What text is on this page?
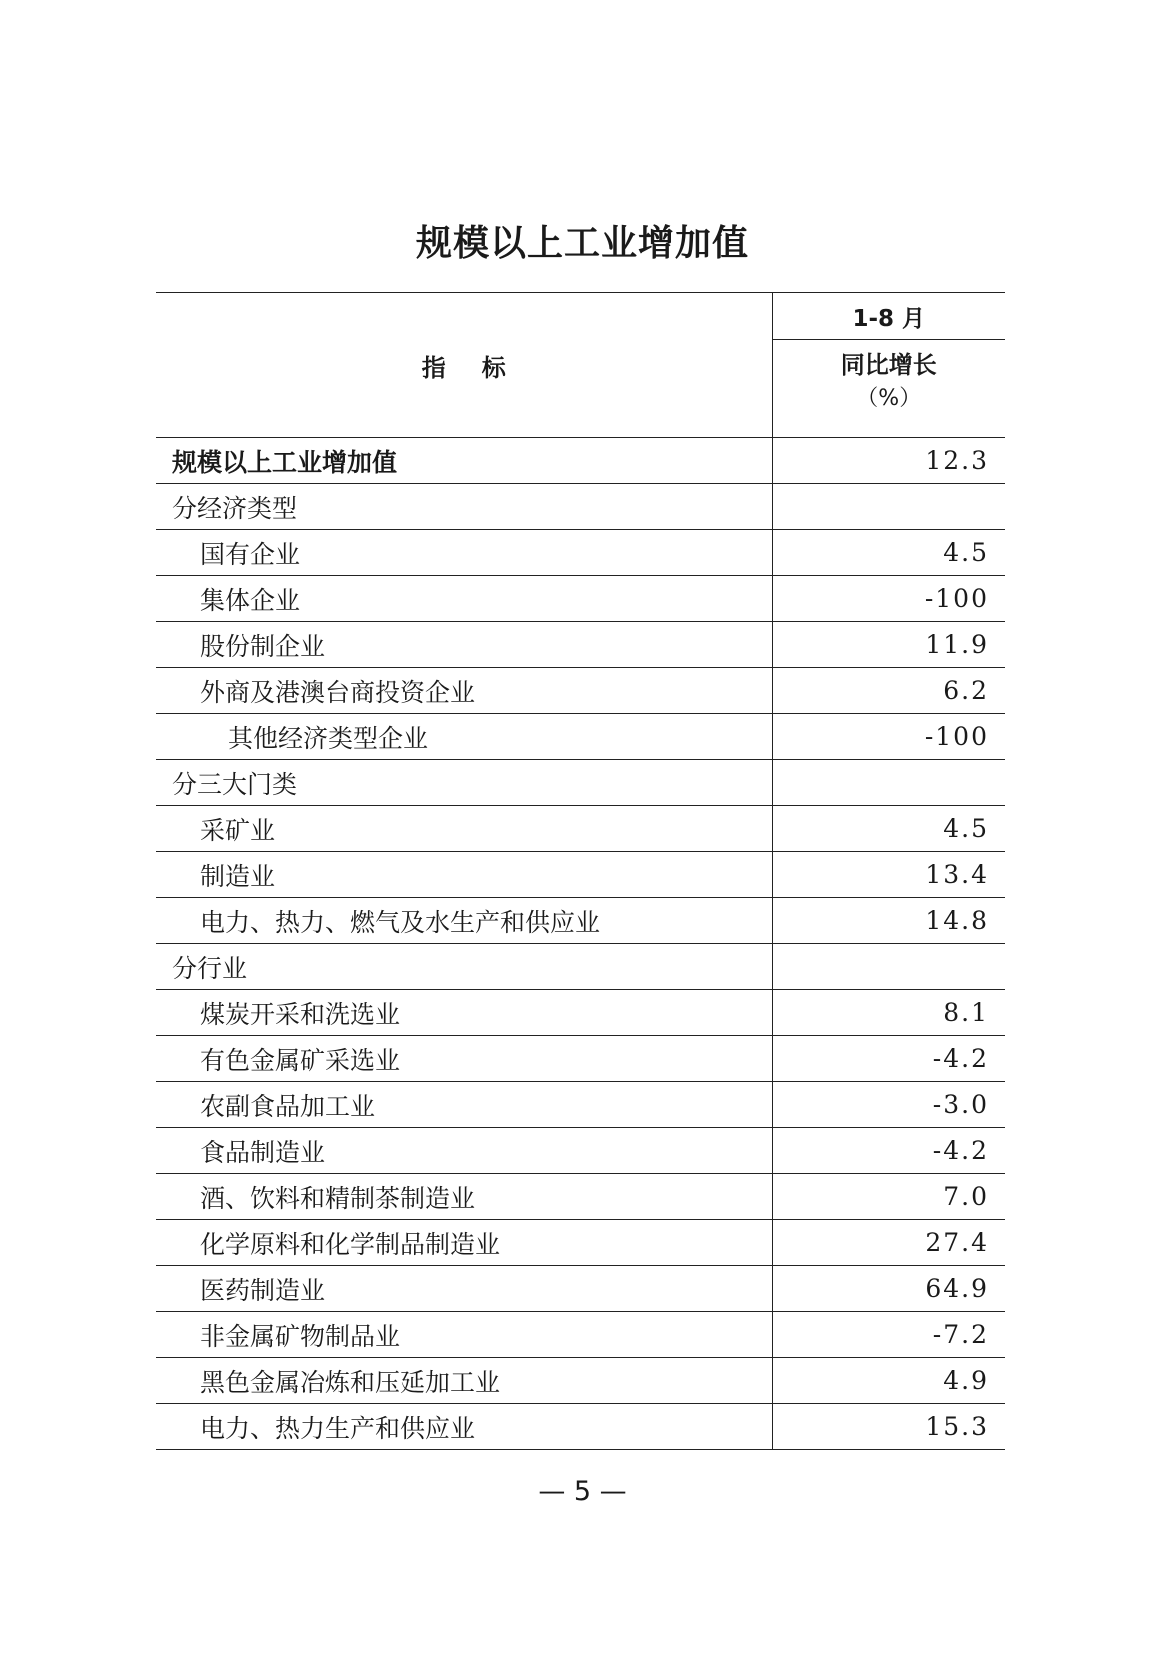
规模以上工业增加值
指 标	1-8 月

	同比增长
（%）

规模以上工业增加值	12.3
分经济类型	
国有企业	4.5
集体企业	-100
股份制企业	11.9
外商及港澳台商投资企业	6.2
其他经济类型企业	-100
分三大门类	
采矿业	4.5
制造业	13.4
电力、热力、燃气及水生产和供应业	14.8
分行业	
煤炭开采和洗选业	8.1
有色金属矿采选业	-4.2
农副食品加工业	-3.0
食品制造业	-4.2
酒、饮料和精制茶制造业	7.0
化学原料和化学制品制造业	27.4
医药制造业	64.9
非金属矿物制品业	-7.2
黑色金属冶炼和压延加工业	4.9
电力、热力生产和供应业	15.3
— 5 —
